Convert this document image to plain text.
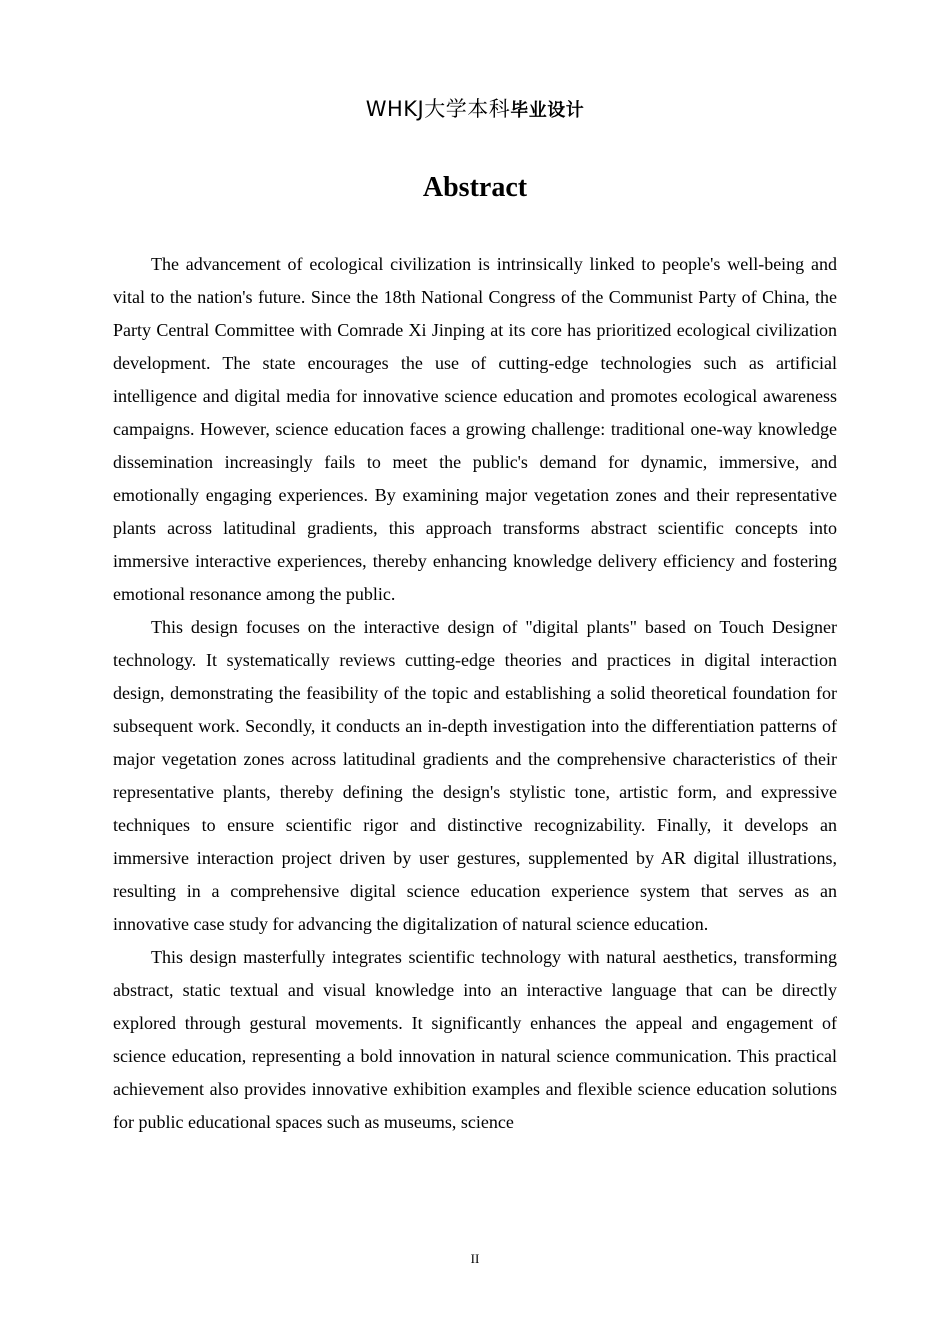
WHKJ大学本科毕业设计
Abstract

The advancement of ecological civilization is intrinsically linked to people's well-being and vital to the nation's future. Since the 18th National Congress of the Communist Party of China, the Party Central Committee with Comrade Xi Jinping at its core has prioritized ecological civilization development. The state encourages the use of cutting-edge technologies such as artificial intelligence and digital media for innovative science education and promotes ecological awareness campaigns. However, science education faces a growing challenge: traditional one-way knowledge dissemination increasingly fails to meet the public's demand for dynamic, immersive, and emotionally engaging experiences. By examining major vegetation zones and their representative plants across latitudinal gradients, this approach transforms abstract scientific concepts into immersive interactive experiences, thereby enhancing knowledge delivery efficiency and fostering emotional resonance among the public.

This design focuses on the interactive design of "digital plants" based on Touch Designer technology. It systematically reviews cutting-edge theories and practices in digital interaction design, demonstrating the feasibility of the topic and establishing a solid theoretical foundation for subsequent work. Secondly, it conducts an in-depth investigation into the differentiation patterns of major vegetation zones across latitudinal gradients and the comprehensive characteristics of their representative plants, thereby defining the design's stylistic tone, artistic form, and expressive techniques to ensure scientific rigor and distinctive recognizability. Finally, it develops an immersive interaction project driven by user gestures, supplemented by AR digital illustrations, resulting in a comprehensive digital science education experience system that serves as an innovative case study for advancing the digitalization of natural science education.

This design masterfully integrates scientific technology with natural aesthetics, transforming abstract, static textual and visual knowledge into an interactive language that can be directly explored through gestural movements. It significantly enhances the appeal and engagement of science education, representing a bold innovation in natural science communication. This practical achievement also provides innovative exhibition examples and flexible science education solutions for public educational spaces such as museums, science

II
